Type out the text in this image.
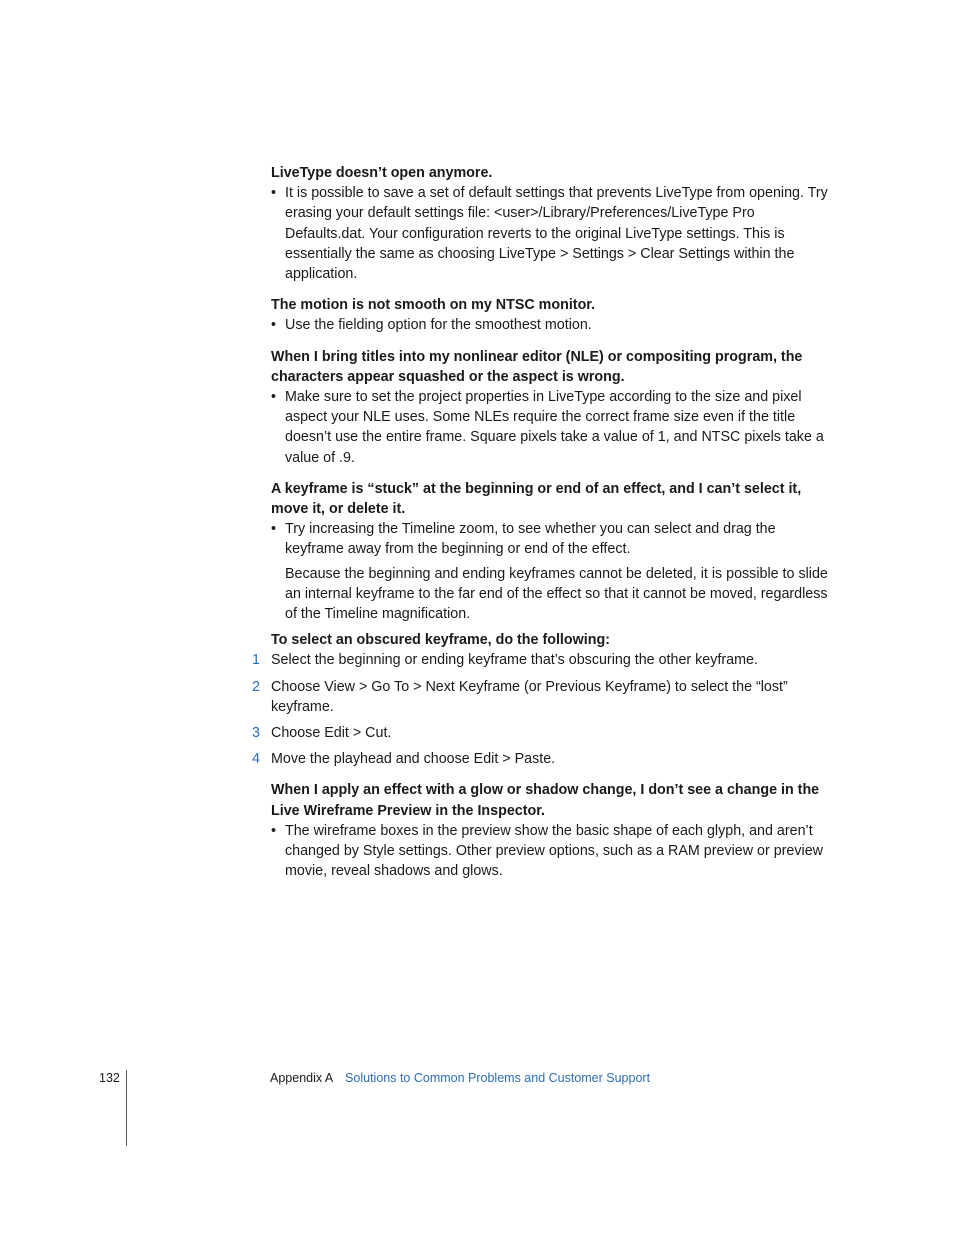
LiveType doesn’t open anymore.

• It is possible to save a set of default settings that prevents LiveType from opening. Try erasing your default settings file: <user>/Library/Preferences/LiveType Pro Defaults.dat. Your configuration reverts to the original LiveType settings. This is essentially the same as choosing LiveType > Settings > Clear Settings within the application.

The motion is not smooth on my NTSC monitor.

• Use the fielding option for the smoothest motion.

When I bring titles into my nonlinear editor (NLE) or compositing program, the characters appear squashed or the aspect is wrong.

• Make sure to set the project properties in LiveType according to the size and pixel aspect your NLE uses. Some NLEs require the correct frame size even if the title doesn’t use the entire frame. Square pixels take a value of 1, and NTSC pixels take a value of .9.

A keyframe is “stuck” at the beginning or end of an effect, and I can’t select it, move it, or delete it.

• Try increasing the Timeline zoom, to see whether you can select and drag the keyframe away from the beginning or end of the effect.
Because the beginning and ending keyframes cannot be deleted, it is possible to slide an internal keyframe to the far end of the effect so that it cannot be moved, regardless of the Timeline magnification.

To select an obscured keyframe, do the following:

1 Select the beginning or ending keyframe that’s obscuring the other keyframe.
2 Choose View > Go To > Next Keyframe (or Previous Keyframe) to select the “lost” keyframe.
3 Choose Edit > Cut.
4 Move the playhead and choose Edit > Paste.

When I apply an effect with a glow or shadow change, I don’t see a change in the Live Wireframe Preview in the Inspector.

• The wireframe boxes in the preview show the basic shape of each glyph, and aren’t changed by Style settings. Other preview options, such as a RAM preview or preview movie, reveal shadows and glows.
132	Appendix A Solutions to Common Problems and Customer Support
